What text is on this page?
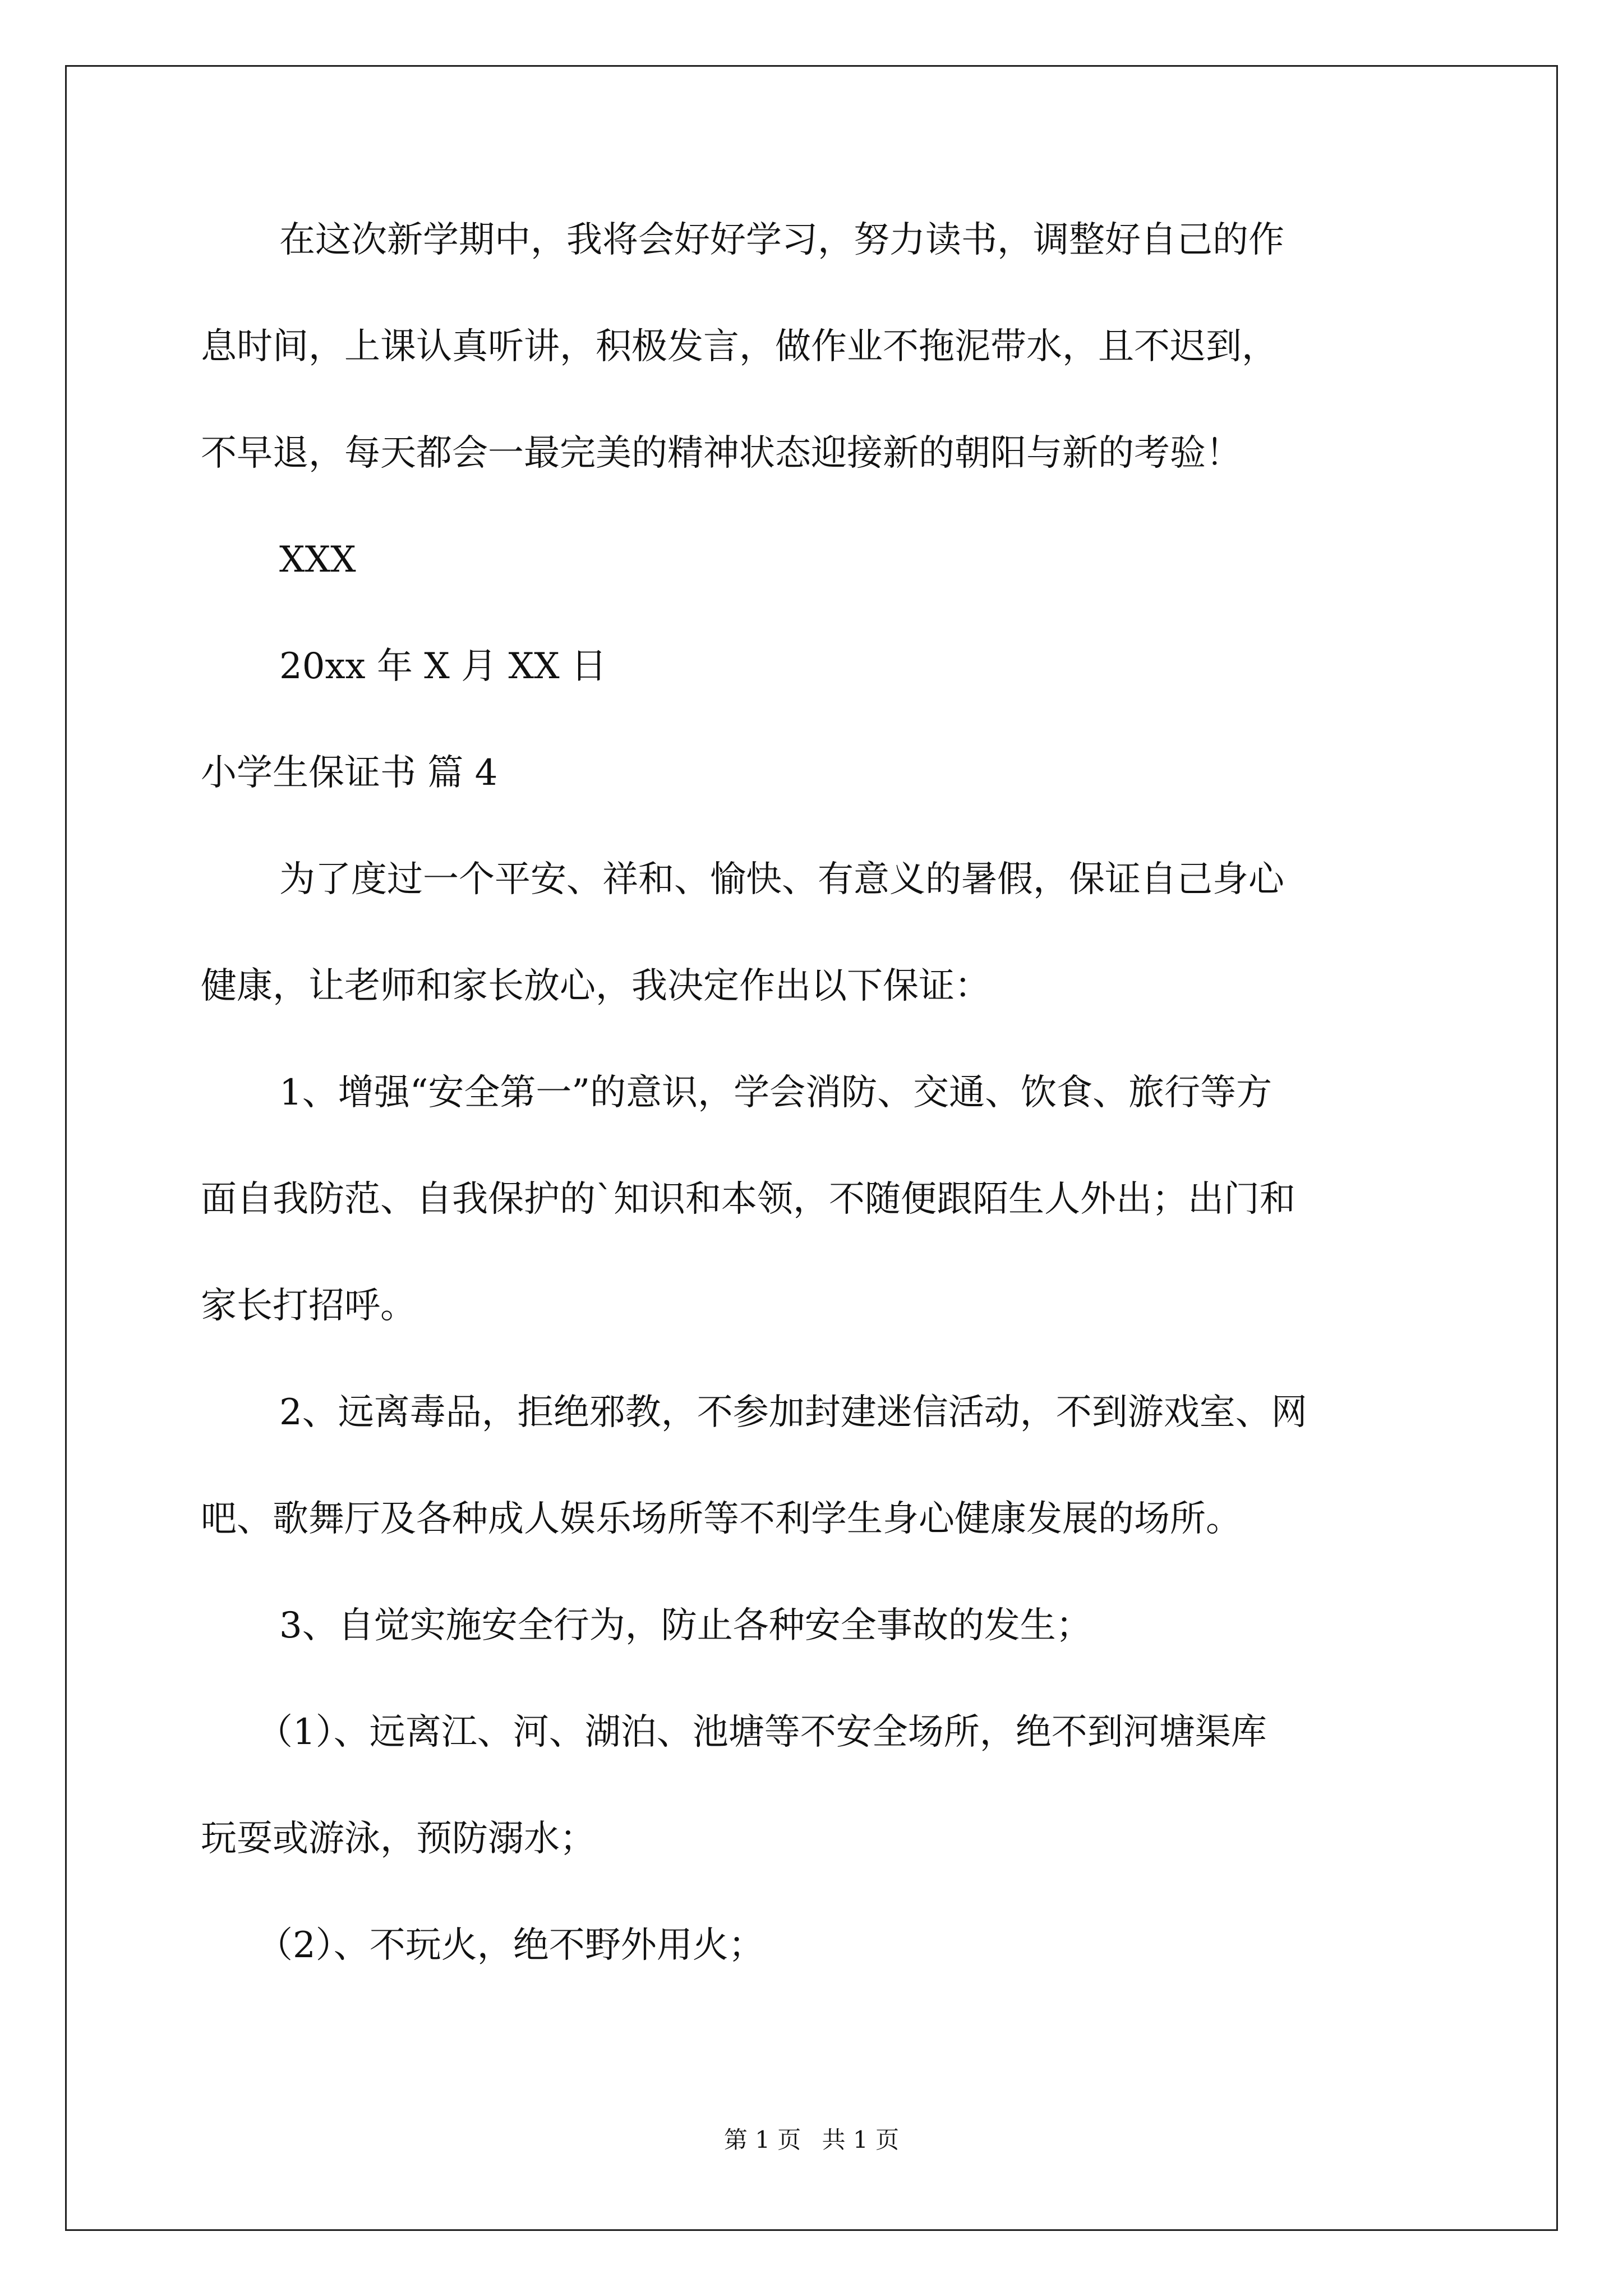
在这次新学期中，我将会好好学习，努力读书，调整好自己的作
息时间，上课认真听讲，积极发言，做作业不拖泥带水，且不迟到，
不早退，每天都会一最完美的精神状态迎接新的朝阳与新的考验！
XXX
20xx 年 X 月 XX 日
小学生保证书 篇 4
为了度过一个平安、祥和、愉快、有意义的暑假，保证自己身心
健康，让老师和家长放心，我决定作出以下保证：
1、增强“安全第一”的意识，学会消防、交通、饮食、旅行等方
面自我防范、自我保护的`知识和本领，不随便跟陌生人外出；出门和
家长打招呼。
2、远离毒品，拒绝邪教，不参加封建迷信活动，不到游戏室、网
吧、歌舞厅及各种成人娱乐场所等不利学生身心健康发展的场所。
3、自觉实施安全行为，防止各种安全事故的发生；
（1）、远离江、河、湖泊、池塘等不安全场所，绝不到河塘渠库
玩耍或游泳，预防溺水；
（2）、不玩火，绝不野外用火；
第 1 页 共 1 页
